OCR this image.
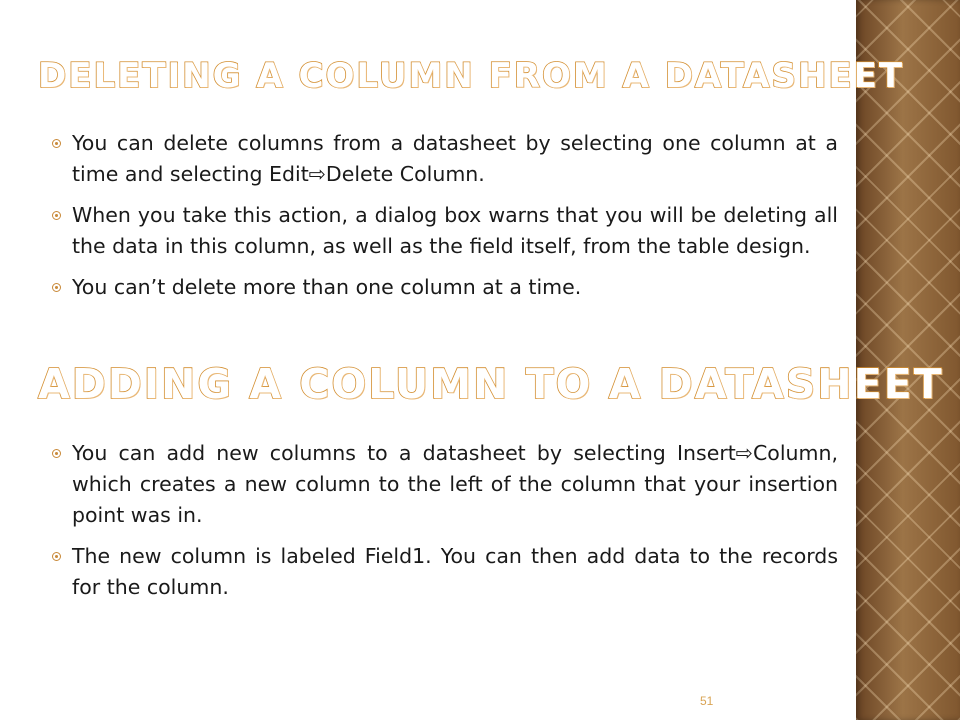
DELETING A COLUMN FROM A DATASHEET
You can delete columns from a datasheet by selecting one column at a time and selecting Edit⇨Delete Column.
When you take this action, a dialog box warns that you will be deleting all the data in this column, as well as the field itself, from the table design.
You can’t delete more than one column at a time.
ADDING A COLUMN TO A DATASHEET
You can add new columns to a datasheet by selecting Insert⇨Column, which creates a new column to the left of the column that your insertion point was in.
The new column is labeled Field1. You can then add data to the records for the column.
51
